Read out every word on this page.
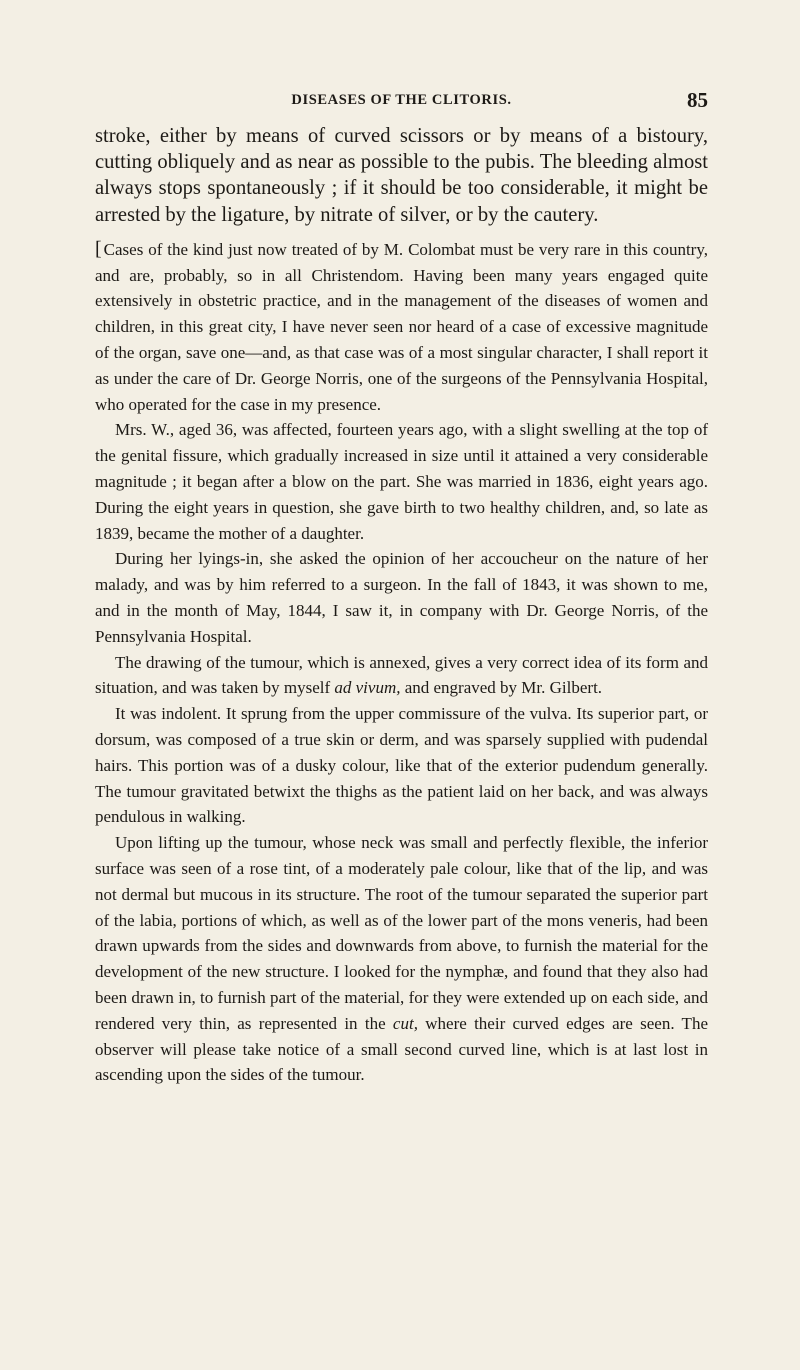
DISEASES OF THE CLITORIS.	85

stroke, either by means of curved scissors or by means of a bistoury, cutting obliquely and as near as possible to the pubis. The bleeding almost always stops spontaneously ; if it should be too considerable, it might be arrested by the ligature, by nitrate of silver, or by the cautery.

[ Cases of the kind just now treated of by M. Colombat must be very rare in this country, and are, probably, so in all Christendom. Having been many years engaged quite extensively in obstetric practice, and in the management of the diseases of women and children, in this great city, I have never seen nor heard of a case of excessive magnitude of the organ, save one—and, as that case was of a most singular character, I shall report it as under the care of Dr. George Norris, one of the surgeons of the Pennsylvania Hospital, who operated for the case in my presence.

Mrs. W., aged 36, was affected, fourteen years ago, with a slight swelling at the top of the genital fissure, which gradually increased in size until it attained a very considerable magnitude ; it began after a blow on the part. She was married in 1836, eight years ago. During the eight years in question, she gave birth to two healthy children, and, so late as 1839, became the mother of a daughter.

During her lyings-in, she asked the opinion of her accoucheur on the nature of her malady, and was by him referred to a surgeon. In the fall of 1843, it was shown to me, and in the month of May, 1844, I saw it, in company with Dr. George Norris, of the Pennsylvania Hospital.

The drawing of the tumour, which is annexed, gives a very correct idea of its form and situation, and was taken by myself ad vivum, and engraved by Mr. Gilbert.

It was indolent. It sprung from the upper commissure of the vulva. Its superior part, or dorsum, was composed of a true skin or derm, and was sparsely supplied with pudendal hairs. This portion was of a dusky colour, like that of the exterior pudendum generally. The tumour gravitated betwixt the thighs as the patient laid on her back, and was always pendulous in walking.

Upon lifting up the tumour, whose neck was small and perfectly flexible, the inferior surface was seen of a rose tint, of a moderately pale colour, like that of the lip, and was not dermal but mucous in its structure. The root of the tumour separated the superior part of the labia, portions of which, as well as of the lower part of the mons veneris, had been drawn upwards from the sides and downwards from above, to furnish the material for the development of the new structure. I looked for the nymphæ, and found that they also had been drawn in, to furnish part of the material, for they were extended up on each side, and rendered very thin, as represented in the cut, where their curved edges are seen. The observer will please take notice of a small second curved line, which is at last lost in ascending upon the sides of the tumour.
